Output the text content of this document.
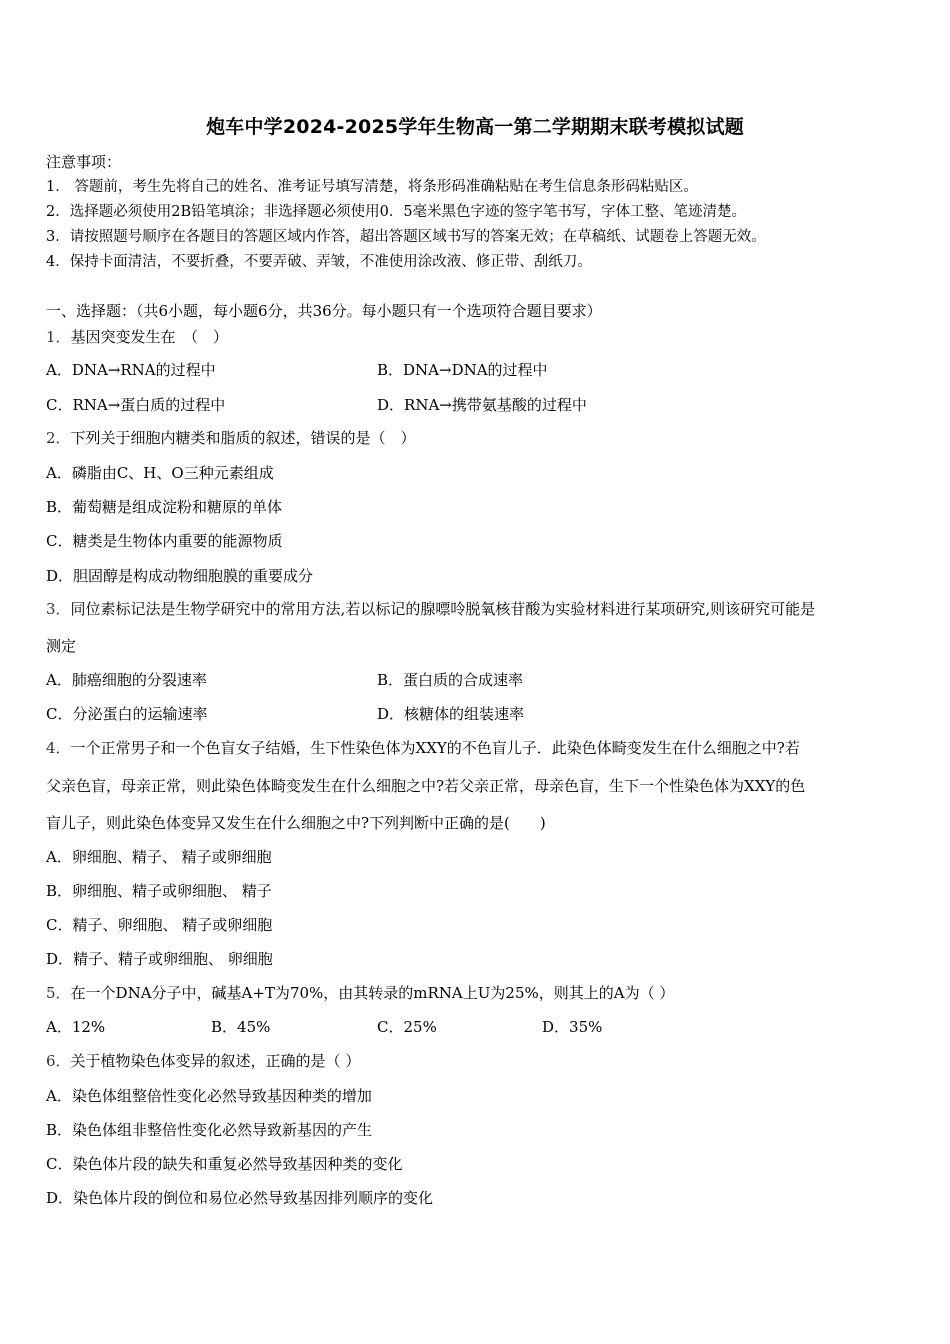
炮车中学2024-2025学年生物高一第二学期期末联考模拟试题
注意事项：
1． 答题前，考生先将自己的姓名、准考证号填写清楚，将条形码准确粘贴在考生信息条形码粘贴区。
2．选择题必须使用2B铅笔填涂；非选择题必须使用0．5毫米黑色字迹的签字笔书写，字体工整、笔迹清楚。
3．请按照题号顺序在各题目的答题区域内作答，超出答题区域书写的答案无效；在草稿纸、试题卷上答题无效。
4．保持卡面清洁，不要折叠，不要弄破、弄皱，不准使用涂改液、修正带、刮纸刀。
一、选择题：（共6小题，每小题6分，共36分。每小题只有一个选项符合题目要求）
1．基因突变发生在　（　）
A．DNA→RNA的过程中	B．DNA→DNA的过程中
C．RNA→蛋白质的过程中	D．RNA→携带氨基酸的过程中
2．下列关于细胞内糖类和脂质的叙述，错误的是（　）
A．磷脂由C、H、O三种元素组成
B．葡萄糖是组成淀粉和糖原的单体
C．糖类是生物体内重要的能源物质
D．胆固醇是构成动物细胞膜的重要成分
3．同位素标记法是生物学研究中的常用方法,若以标记的腺嘌呤脱氧核苷酸为实验材料进行某项研究,则该研究可能是
测定
A．肺癌细胞的分裂速率	B．蛋白质的合成速率
C．分泌蛋白的运输速率	D．核糖体的组装速率
4．一个正常男子和一个色盲女子结婚，生下性染色体为XXY的不色盲儿子．此染色体畸变发生在什么细胞之中?若
父亲色盲，母亲正常，则此染色体畸变发生在什么细胞之中?若父亲正常，母亲色盲，生下一个性染色体为XXY的色
盲儿子，则此染色体变异又发生在什么细胞之中?下列判断中正确的是(　　)
A．卵细胞、精子、 精子或卵细胞
B．卵细胞、精子或卵细胞、 精子
C．精子、卵细胞、 精子或卵细胞
D．精子、精子或卵细胞、 卵细胞
5．在一个DNA分子中，碱基A+T为70%，由其转录的mRNA上U为25%，则其上的A为（ ）
A．12%	B．45%	C．25%	D．35%
6．关于植物染色体变异的叙述，正确的是（ ）
A．染色体组整倍性变化必然导致基因种类的增加
B．染色体组非整倍性变化必然导致新基因的产生
C．染色体片段的缺失和重复必然导致基因种类的变化
D．染色体片段的倒位和易位必然导致基因排列顺序的变化
